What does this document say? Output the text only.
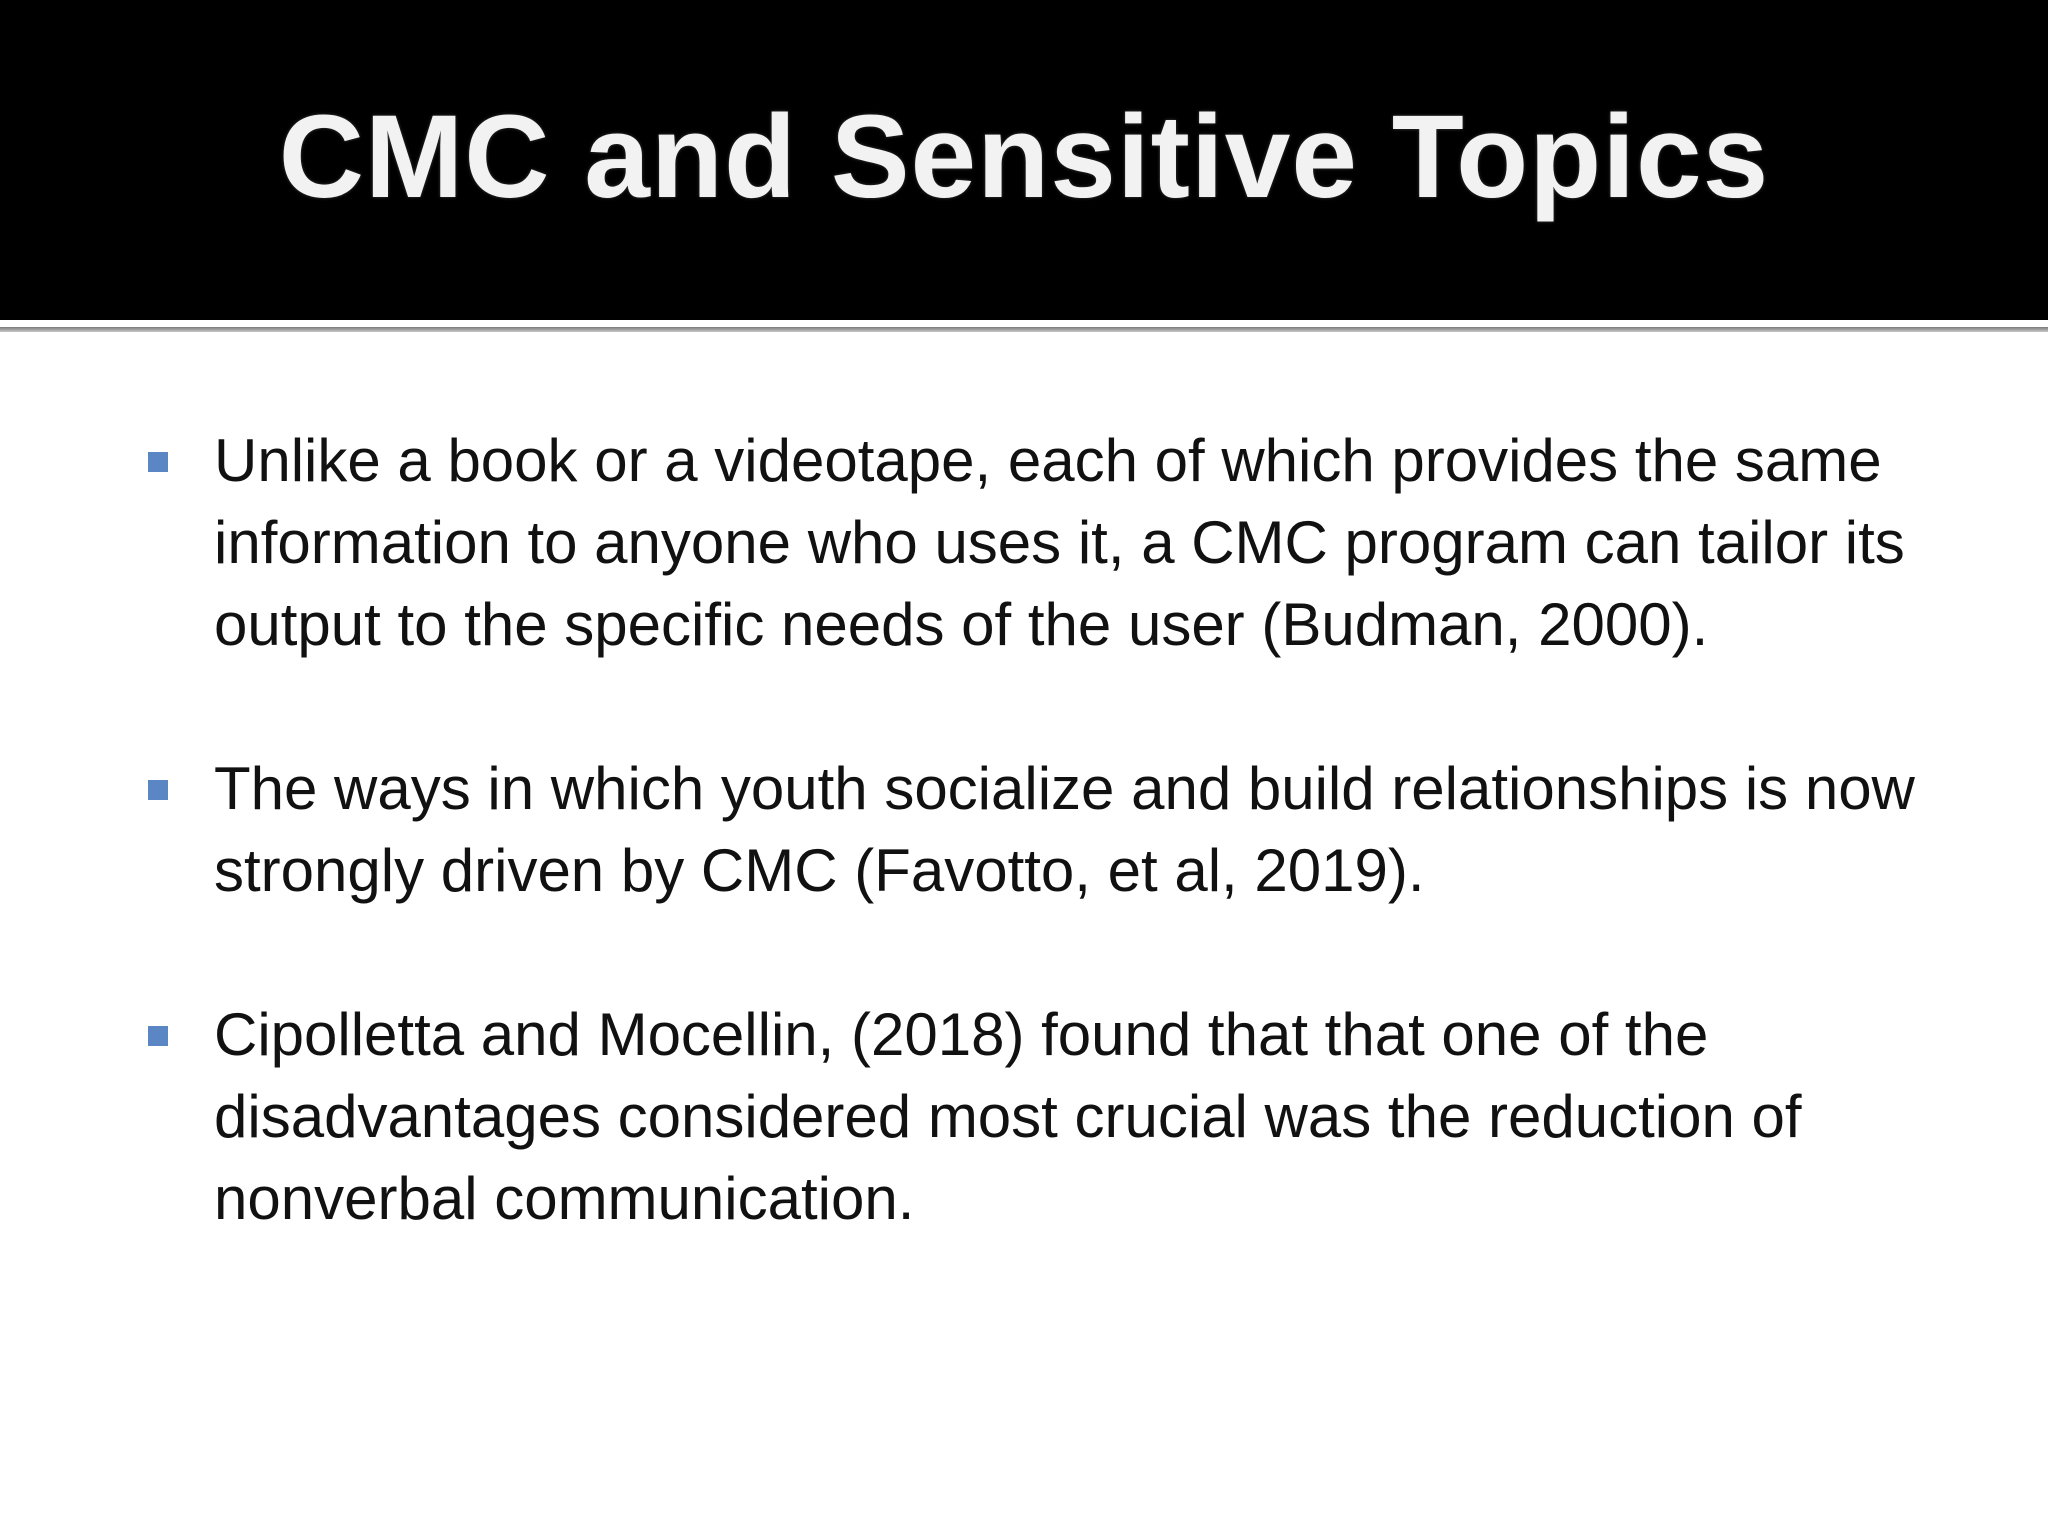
CMC and Sensitive Topics
Unlike a book or a videotape, each of which provides the same information to anyone who uses it, a CMC program can tailor its output to the specific needs of the user (Budman, 2000).
The ways in which youth socialize and build relationships is now strongly driven by CMC (Favotto, et al, 2019).
Cipolletta and Mocellin, (2018) found that that one of the disadvantages considered most crucial was the reduction of nonverbal communication.
